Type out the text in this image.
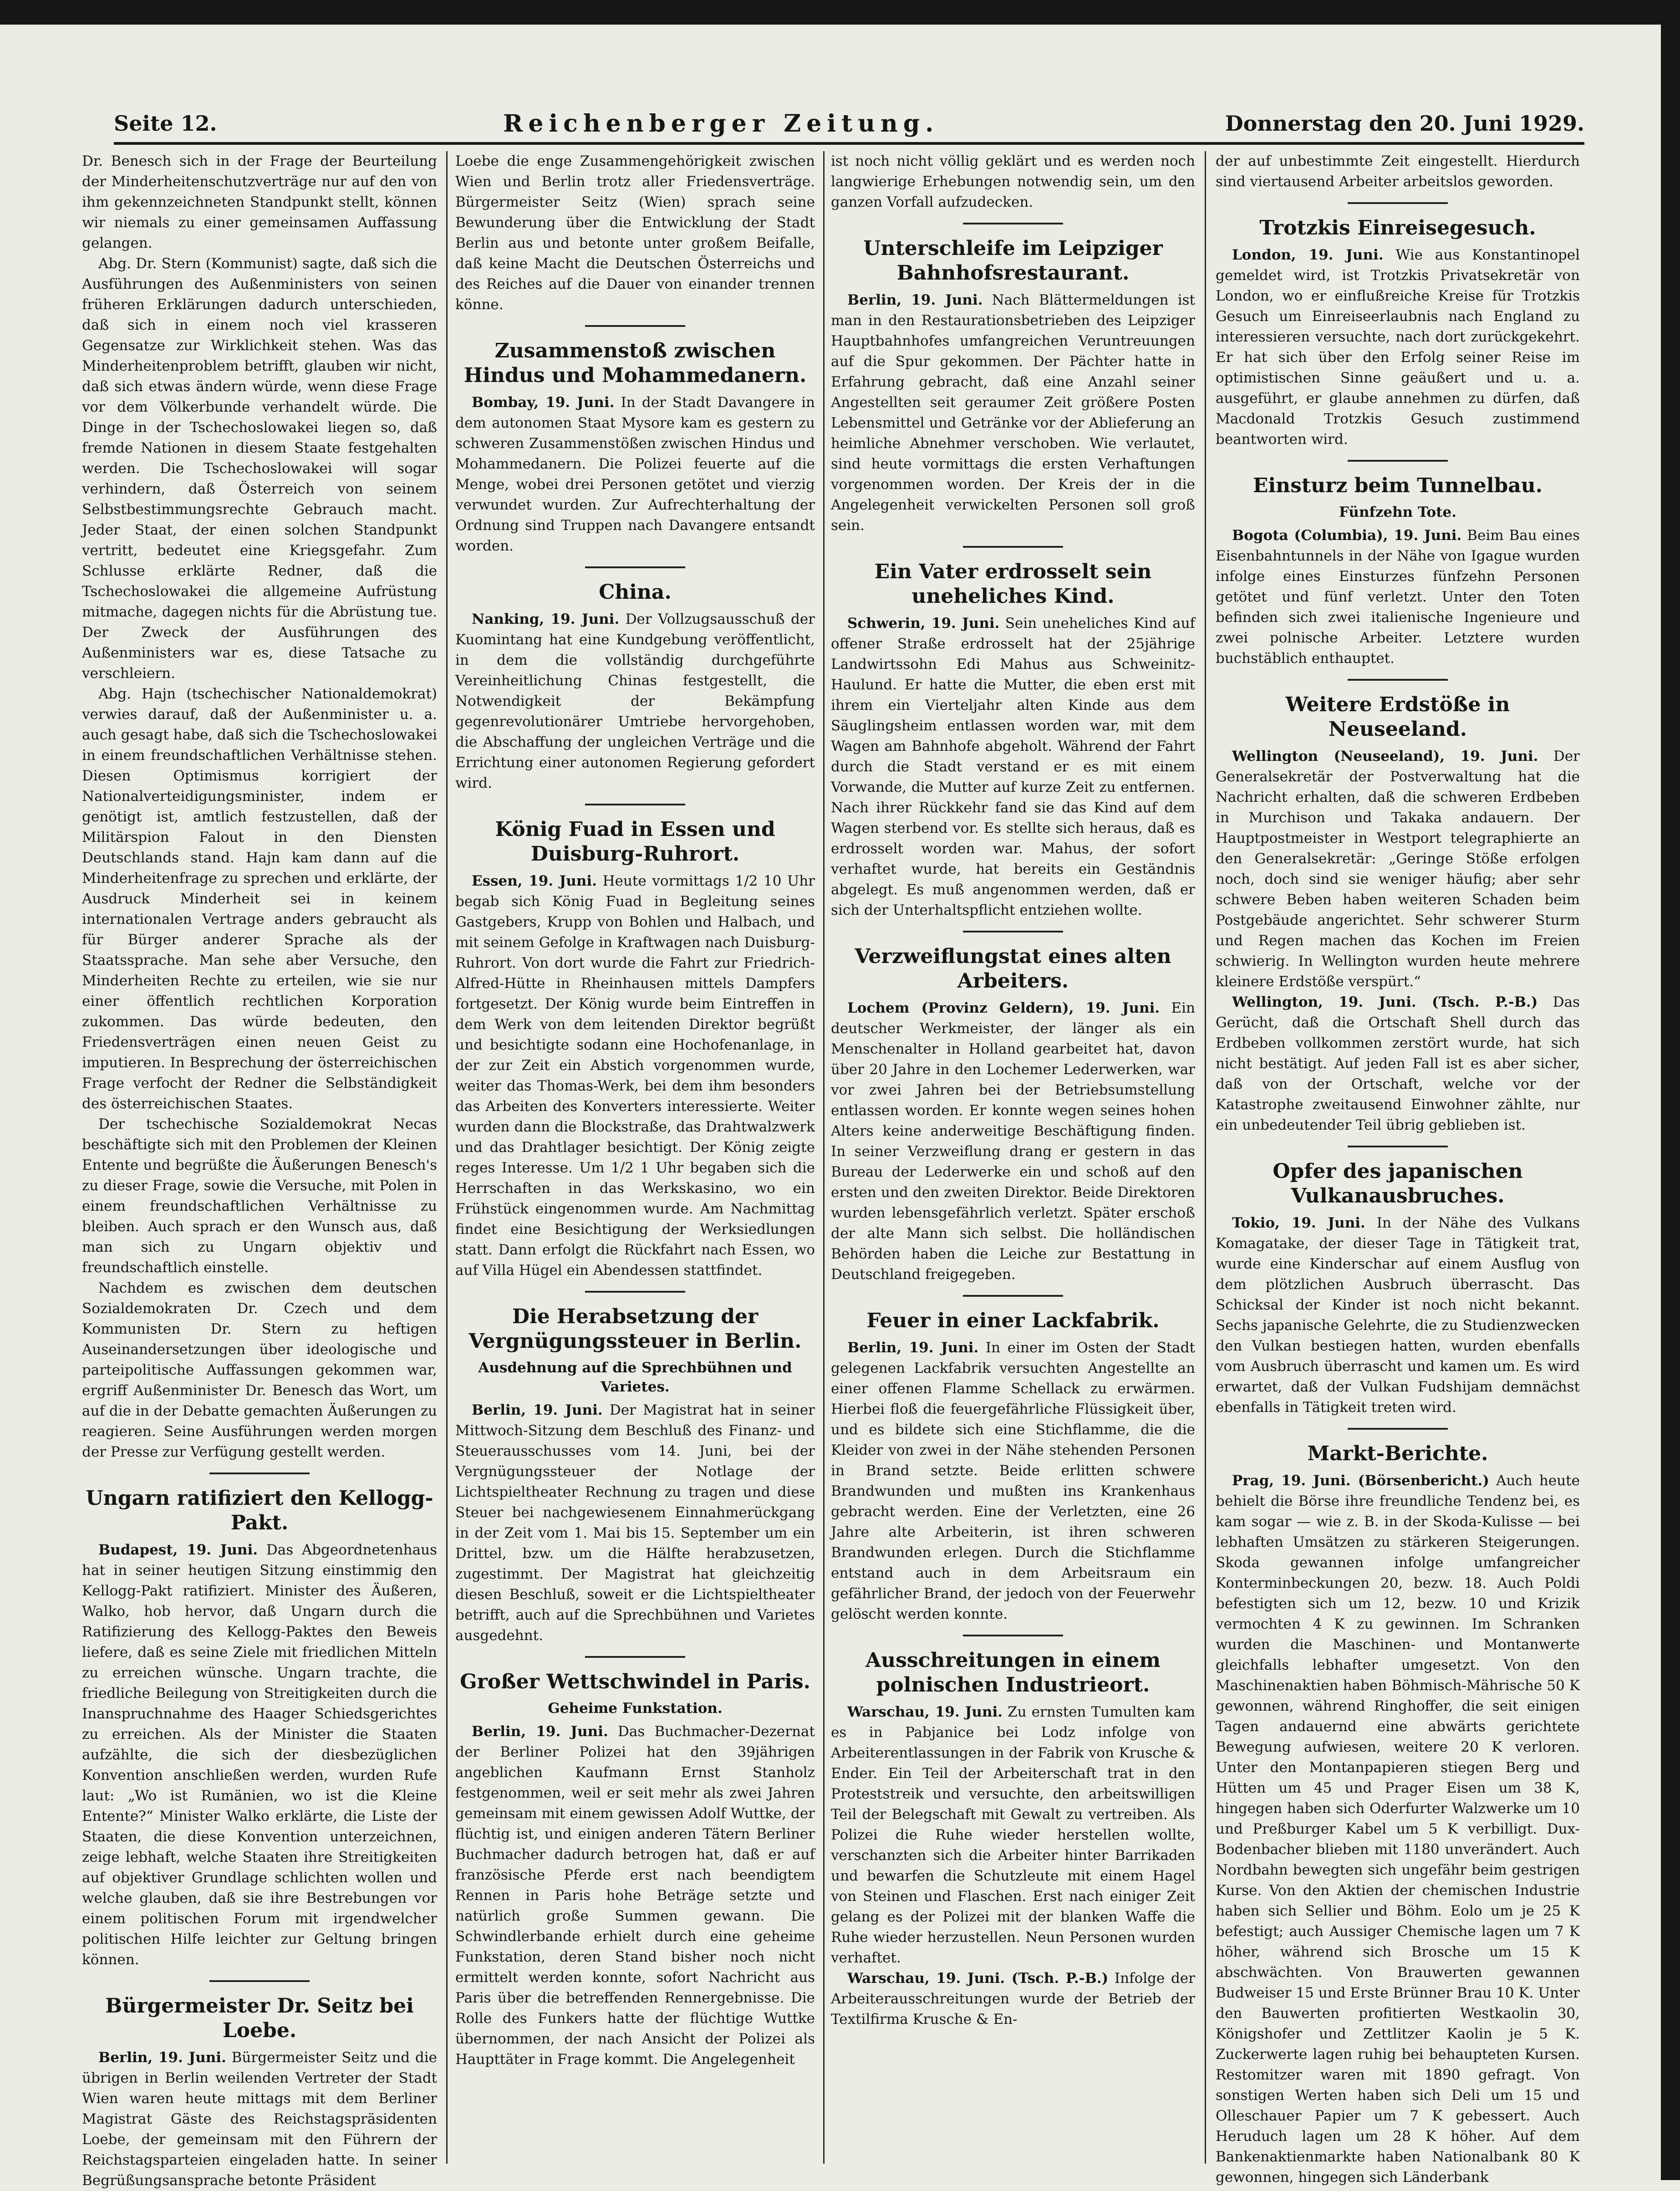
Seite 12.	Reichenberger Zeitung.	Donnerstag den 20. Juni 1929.

Dr. Benesch sich in der Frage der Beurteilung der Minderheitenschutzverträge nur auf den von ihm gekennzeichneten Standpunkt stellt, können wir niemals zu einer gemeinsamen Auffassung gelangen.

Abg. Dr. Stern (Kommunist) sagte, daß sich die Ausführungen des Außenministers von seinen früheren Erklärungen dadurch unterschieden, daß sich in einem noch viel krasseren Gegensatze zur Wirklichkeit stehen. Was das Minderheitenproblem betrifft, glauben wir nicht, daß sich etwas ändern würde, wenn diese Frage vor dem Völkerbunde verhandelt würde. Die Dinge in der Tschechoslowakei liegen so, daß fremde Nationen in diesem Staate festgehalten werden. Die Tschechoslowakei will sogar verhindern, daß Österreich von seinem Selbstbestimmungsrechte Gebrauch macht. Jeder Staat, der einen solchen Standpunkt vertritt, bedeutet eine Kriegsgefahr. Zum Schlusse erklärte Redner, daß die Tschechoslowakei die allgemeine Aufrüstung mitmache, dagegen nichts für die Abrüstung tue. Der Zweck der Ausführungen des Außenministers war es, diese Tatsache zu verschleiern.

Abg. Hajn (tschechischer Nationaldemokrat) verwies darauf, daß der Außenminister u. a. auch gesagt habe, daß sich die Tschechoslowakei in einem freundschaftlichen Verhältnisse stehen. Diesen Optimismus korrigiert der Nationalverteidigungsminister, indem er genötigt ist, amtlich festzustellen, daß der Militärspion Falout in den Diensten Deutschlands stand. Hajn kam dann auf die Minderheitenfrage zu sprechen und erklärte, der Ausdruck Minderheit sei in keinem internationalen Vertrage anders gebraucht als für Bürger anderer Sprache als der Staatssprache. Man sehe aber Versuche, den Minderheiten Rechte zu erteilen, wie sie nur einer öffentlich rechtlichen Korporation zukommen. Das würde bedeuten, den Friedensverträgen einen neuen Geist zu imputieren. In Besprechung der österreichischen Frage verfocht der Redner die Selbständigkeit des österreichischen Staates.

Der tschechische Sozialdemokrat Necas beschäftigte sich mit den Problemen der Kleinen Entente und begrüßte die Äußerungen Benesch's zu dieser Frage, sowie die Versuche, mit Polen in einem freundschaftlichen Verhältnisse zu bleiben. Auch sprach er den Wunsch aus, daß man sich zu Ungarn objektiv und freundschaftlich einstelle.

Nachdem es zwischen dem deutschen Sozialdemokraten Dr. Czech und dem Kommunisten Dr. Stern zu heftigen Auseinandersetzungen über ideologische und parteipolitische Auffassungen gekommen war, ergriff Außenminister Dr. Benesch das Wort, um auf die in der Debatte gemachten Äußerungen zu reagieren. Seine Ausführungen werden morgen der Presse zur Verfügung gestellt werden.

Ungarn ratifiziert den Kellogg-Pakt.

Budapest, 19. Juni. Das Abgeordnetenhaus hat in seiner heutigen Sitzung einstimmig den Kellogg-Pakt ratifiziert. Minister des Äußeren, Walko, hob hervor, daß Ungarn durch die Ratifizierung des Kellogg-Paktes den Beweis liefere, daß es seine Ziele mit friedlichen Mitteln zu erreichen wünsche. Ungarn trachte, die friedliche Beilegung von Streitigkeiten durch die Inanspruchnahme des Haager Schiedsgerichtes zu erreichen. Als der Minister die Staaten aufzählte, die sich der diesbezüglichen Konvention anschließen werden, wurden Rufe laut: „Wo ist Rumänien, wo ist die Kleine Entente?“ Minister Walko erklärte, die Liste der Staaten, die diese Konvention unterzeichnen, zeige lebhaft, welche Staaten ihre Streitigkeiten auf objektiver Grundlage schlichten wollen und welche glauben, daß sie ihre Bestrebungen vor einem politischen Forum mit irgendwelcher politischen Hilfe leichter zur Geltung bringen können.

Bürgermeister Dr. Seitz bei Loebe.

Berlin, 19. Juni. Bürgermeister Seitz und die übrigen in Berlin weilenden Vertreter der Stadt Wien waren heute mittags mit dem Berliner Magistrat Gäste des Reichstagspräsidenten Loebe, der gemeinsam mit den Führern der Reichstagsparteien eingeladen hatte. In seiner Begrüßungsansprache betonte Präsident

Loebe die enge Zusammengehörigkeit zwischen Wien und Berlin trotz aller Friedensverträge. Bürgermeister Seitz (Wien) sprach seine Bewunderung über die Entwicklung der Stadt Berlin aus und betonte unter großem Beifalle, daß keine Macht die Deutschen Österreichs und des Reiches auf die Dauer von einander trennen könne.

Zusammenstoß zwischen Hindus und Mohammedanern.

Bombay, 19. Juni. In der Stadt Davangere in dem autonomen Staat Mysore kam es gestern zu schweren Zusammenstößen zwischen Hindus und Mohammedanern. Die Polizei feuerte auf die Menge, wobei drei Personen getötet und vierzig verwundet wurden. Zur Aufrechterhaltung der Ordnung sind Truppen nach Davangere entsandt worden.

China.

Nanking, 19. Juni. Der Vollzugsausschuß der Kuomintang hat eine Kundgebung veröffentlicht, in dem die vollständig durchgeführte Vereinheitlichung Chinas festgestellt, die Notwendigkeit der Bekämpfung gegenrevolutionärer Umtriebe hervorgehoben, die Abschaffung der ungleichen Verträge und die Errichtung einer autonomen Regierung gefordert wird.

König Fuad in Essen und Duisburg-Ruhrort.

Essen, 19. Juni. Heute vormittags 1/2 10 Uhr begab sich König Fuad in Begleitung seines Gastgebers, Krupp von Bohlen und Halbach, und mit seinem Gefolge in Kraftwagen nach Duisburg-Ruhrort. Von dort wurde die Fahrt zur Friedrich-Alfred-Hütte in Rheinhausen mittels Dampfers fortgesetzt. Der König wurde beim Eintreffen in dem Werk von dem leitenden Direktor begrüßt und besichtigte sodann eine Hochofenanlage, in der zur Zeit ein Abstich vorgenommen wurde, weiter das Thomas-Werk, bei dem ihm besonders das Arbeiten des Konverters interessierte. Weiter wurden dann die Blockstraße, das Drahtwalzwerk und das Drahtlager besichtigt. Der König zeigte reges Interesse. Um 1/2 1 Uhr begaben sich die Herrschaften in das Werkskasino, wo ein Frühstück eingenommen wurde. Am Nachmittag findet eine Besichtigung der Werksiedlungen statt. Dann erfolgt die Rückfahrt nach Essen, wo auf Villa Hügel ein Abendessen stattfindet.

Die Herabsetzung der Vergnügungssteuer in Berlin.
Ausdehnung auf die Sprechbühnen und Varietes.

Berlin, 19. Juni. Der Magistrat hat in seiner Mittwoch-Sitzung dem Beschluß des Finanz- und Steuerausschusses vom 14. Juni, bei der Vergnügungssteuer der Notlage der Lichtspieltheater Rechnung zu tragen und diese Steuer bei nachgewiesenem Einnahmerückgang in der Zeit vom 1. Mai bis 15. September um ein Drittel, bzw. um die Hälfte herabzusetzen, zugestimmt. Der Magistrat hat gleichzeitig diesen Beschluß, soweit er die Lichtspieltheater betrifft, auch auf die Sprechbühnen und Varietes ausgedehnt.

Großer Wettschwindel in Paris.
Geheime Funkstation.

Berlin, 19. Juni. Das Buchmacher-Dezernat der Berliner Polizei hat den 39jährigen angeblichen Kaufmann Ernst Stanholz festgenommen, weil er seit mehr als zwei Jahren gemeinsam mit einem gewissen Adolf Wuttke, der flüchtig ist, und einigen anderen Tätern Berliner Buchmacher dadurch betrogen hat, daß er auf französische Pferde erst nach beendigtem Rennen in Paris hohe Beträge setzte und natürlich große Summen gewann. Die Schwindlerbande erhielt durch eine geheime Funkstation, deren Stand bisher noch nicht ermittelt werden konnte, sofort Nachricht aus Paris über die betreffenden Rennergebnisse. Die Rolle des Funkers hatte der flüchtige Wuttke übernommen, der nach Ansicht der Polizei als Haupttäter in Frage kommt. Die Angelegenheit

ist noch nicht völlig geklärt und es werden noch langwierige Erhebungen notwendig sein, um den ganzen Vorfall aufzudecken.

Unterschleife im Leipziger Bahnhofsrestaurant.

Berlin, 19. Juni. Nach Blättermeldungen ist man in den Restaurationsbetrieben des Leipziger Hauptbahnhofes umfangreichen Veruntreuungen auf die Spur gekommen. Der Pächter hatte in Erfahrung gebracht, daß eine Anzahl seiner Angestellten seit geraumer Zeit größere Posten Lebensmittel und Getränke vor der Ablieferung an heimliche Abnehmer verschoben. Wie verlautet, sind heute vormittags die ersten Verhaftungen vorgenommen worden. Der Kreis der in die Angelegenheit verwickelten Personen soll groß sein.

Ein Vater erdrosselt sein uneheliches Kind.

Schwerin, 19. Juni. Sein uneheliches Kind auf offener Straße erdrosselt hat der 25jährige Landwirtssohn Edi Mahus aus Schweinitz-Haulund. Er hatte die Mutter, die eben erst mit ihrem ein Vierteljahr alten Kinde aus dem Säuglingsheim entlassen worden war, mit dem Wagen am Bahnhofe abgeholt. Während der Fahrt durch die Stadt verstand er es mit einem Vorwande, die Mutter auf kurze Zeit zu entfernen. Nach ihrer Rückkehr fand sie das Kind auf dem Wagen sterbend vor. Es stellte sich heraus, daß es erdrosselt worden war. Mahus, der sofort verhaftet wurde, hat bereits ein Geständnis abgelegt. Es muß angenommen werden, daß er sich der Unterhaltspflicht entziehen wollte.

Verzweiflungstat eines alten Arbeiters.

Lochem (Provinz Geldern), 19. Juni. Ein deutscher Werkmeister, der länger als ein Menschenalter in Holland gearbeitet hat, davon über 20 Jahre in den Lochemer Lederwerken, war vor zwei Jahren bei der Betriebsumstellung entlassen worden. Er konnte wegen seines hohen Alters keine anderweitige Beschäftigung finden. In seiner Verzweiflung drang er gestern in das Bureau der Lederwerke ein und schoß auf den ersten und den zweiten Direktor. Beide Direktoren wurden lebensgefährlich verletzt. Später erschoß der alte Mann sich selbst. Die holländischen Behörden haben die Leiche zur Bestattung in Deutschland freigegeben.

Feuer in einer Lackfabrik.

Berlin, 19. Juni. In einer im Osten der Stadt gelegenen Lackfabrik versuchten Angestellte an einer offenen Flamme Schellack zu erwärmen. Hierbei floß die feuergefährliche Flüssigkeit über, und es bildete sich eine Stichflamme, die die Kleider von zwei in der Nähe stehenden Personen in Brand setzte. Beide erlitten schwere Brandwunden und mußten ins Krankenhaus gebracht werden. Eine der Verletzten, eine 26 Jahre alte Arbeiterin, ist ihren schweren Brandwunden erlegen. Durch die Stichflamme entstand auch in dem Arbeitsraum ein gefährlicher Brand, der jedoch von der Feuerwehr gelöscht werden konnte.

Ausschreitungen in einem polnischen Industrieort.

Warschau, 19. Juni. Zu ernsten Tumulten kam es in Pabjanice bei Lodz infolge von Arbeiterentlassungen in der Fabrik von Krusche & Ender. Ein Teil der Arbeiterschaft trat in den Proteststreik und versuchte, den arbeitswilligen Teil der Belegschaft mit Gewalt zu vertreiben. Als Polizei die Ruhe wieder herstellen wollte, verschanzten sich die Arbeiter hinter Barrikaden und bewarfen die Schutzleute mit einem Hagel von Steinen und Flaschen. Erst nach einiger Zeit gelang es der Polizei mit der blanken Waffe die Ruhe wieder herzustellen. Neun Personen wurden verhaftet.

Warschau, 19. Juni. (Tsch. P.-B.) Infolge der Arbeiterausschreitungen wurde der Betrieb der Textilfirma Krusche & En-

der auf unbestimmte Zeit eingestellt. Hierdurch sind viertausend Arbeiter arbeitslos geworden.

Trotzkis Einreisegesuch.

London, 19. Juni. Wie aus Konstantinopel gemeldet wird, ist Trotzkis Privatsekretär von London, wo er einflußreiche Kreise für Trotzkis Gesuch um Einreiseerlaubnis nach England zu interessieren versuchte, nach dort zurückgekehrt. Er hat sich über den Erfolg seiner Reise im optimistischen Sinne geäußert und u. a. ausgeführt, er glaube annehmen zu dürfen, daß Macdonald Trotzkis Gesuch zustimmend beantworten wird.

Einsturz beim Tunnelbau.
Fünfzehn Tote.

Bogota (Columbia), 19. Juni. Beim Bau eines Eisenbahntunnels in der Nähe von Igague wurden infolge eines Einsturzes fünfzehn Personen getötet und fünf verletzt. Unter den Toten befinden sich zwei italienische Ingenieure und zwei polnische Arbeiter. Letztere wurden buchstäblich enthauptet.

Weitere Erdstöße in Neuseeland.

Wellington (Neuseeland), 19. Juni. Der Generalsekretär der Postverwaltung hat die Nachricht erhalten, daß die schweren Erdbeben in Murchison und Takaka andauern. Der Hauptpostmeister in Westport telegraphierte an den Generalsekretär: „Geringe Stöße erfolgen noch, doch sind sie weniger häufig; aber sehr schwere Beben haben weiteren Schaden beim Postgebäude angerichtet. Sehr schwerer Sturm und Regen machen das Kochen im Freien schwierig. In Wellington wurden heute mehrere kleinere Erdstöße verspürt.“

Wellington, 19. Juni. (Tsch. P.-B.) Das Gerücht, daß die Ortschaft Shell durch das Erdbeben vollkommen zerstört wurde, hat sich nicht bestätigt. Auf jeden Fall ist es aber sicher, daß von der Ortschaft, welche vor der Katastrophe zweitausend Einwohner zählte, nur ein unbedeutender Teil übrig geblieben ist.

Opfer des japanischen Vulkanausbruches.

Tokio, 19. Juni. In der Nähe des Vulkans Komagatake, der dieser Tage in Tätigkeit trat, wurde eine Kinderschar auf einem Ausflug von dem plötzlichen Ausbruch überrascht. Das Schicksal der Kinder ist noch nicht bekannt. Sechs japanische Gelehrte, die zu Studienzwecken den Vulkan bestiegen hatten, wurden ebenfalls vom Ausbruch überrascht und kamen um. Es wird erwartet, daß der Vulkan Fudshijam demnächst ebenfalls in Tätigkeit treten wird.

Markt-Berichte.

Prag, 19. Juni. (Börsenbericht.) Auch heute behielt die Börse ihre freundliche Tendenz bei, es kam sogar — wie z. B. in der Skoda-Kulisse — bei lebhaften Umsätzen zu stärkeren Steigerungen. Skoda gewannen infolge umfangreicher Konterminbeckungen 20, bezw. 18. Auch Poldi befestigten sich um 12, bezw. 10 und Krizik vermochten 4 K zu gewinnen. Im Schranken wurden die Maschinen- und Montanwerte gleichfalls lebhafter umgesetzt. Von den Maschinenaktien haben Böhmisch-Mährische 50 K gewonnen, während Ringhoffer, die seit einigen Tagen andauernd eine abwärts gerichtete Bewegung aufwiesen, weitere 20 K verloren. Unter den Montanpapieren stiegen Berg und Hütten um 45 und Prager Eisen um 38 K, hingegen haben sich Oderfurter Walzwerke um 10 und Preßburger Kabel um 5 K verbilligt. Dux-Bodenbacher blieben mit 1180 unverändert. Auch Nordbahn bewegten sich ungefähr beim gestrigen Kurse. Von den Aktien der chemischen Industrie haben sich Sellier und Böhm. Eolo um je 25 K befestigt; auch Aussiger Chemische lagen um 7 K höher, während sich Brosche um 15 K abschwächten. Von Brauwerten gewannen Budweiser 15 und Erste Brünner Brau 10 K. Unter den Bauwerten profitierten Westkaolin 30, Königshofer und Zettlitzer Kaolin je 5 K. Zuckerwerte lagen ruhig bei behaupteten Kursen. Restomitzer waren mit 1890 gefragt. Von sonstigen Werten haben sich Deli um 15 und Olleschauer Papier um 7 K gebessert. Auch Heruduch lagen um 28 K höher. Auf dem Bankenaktienmarkte haben Nationalbank 80 K gewonnen, hingegen sich Länderbank
